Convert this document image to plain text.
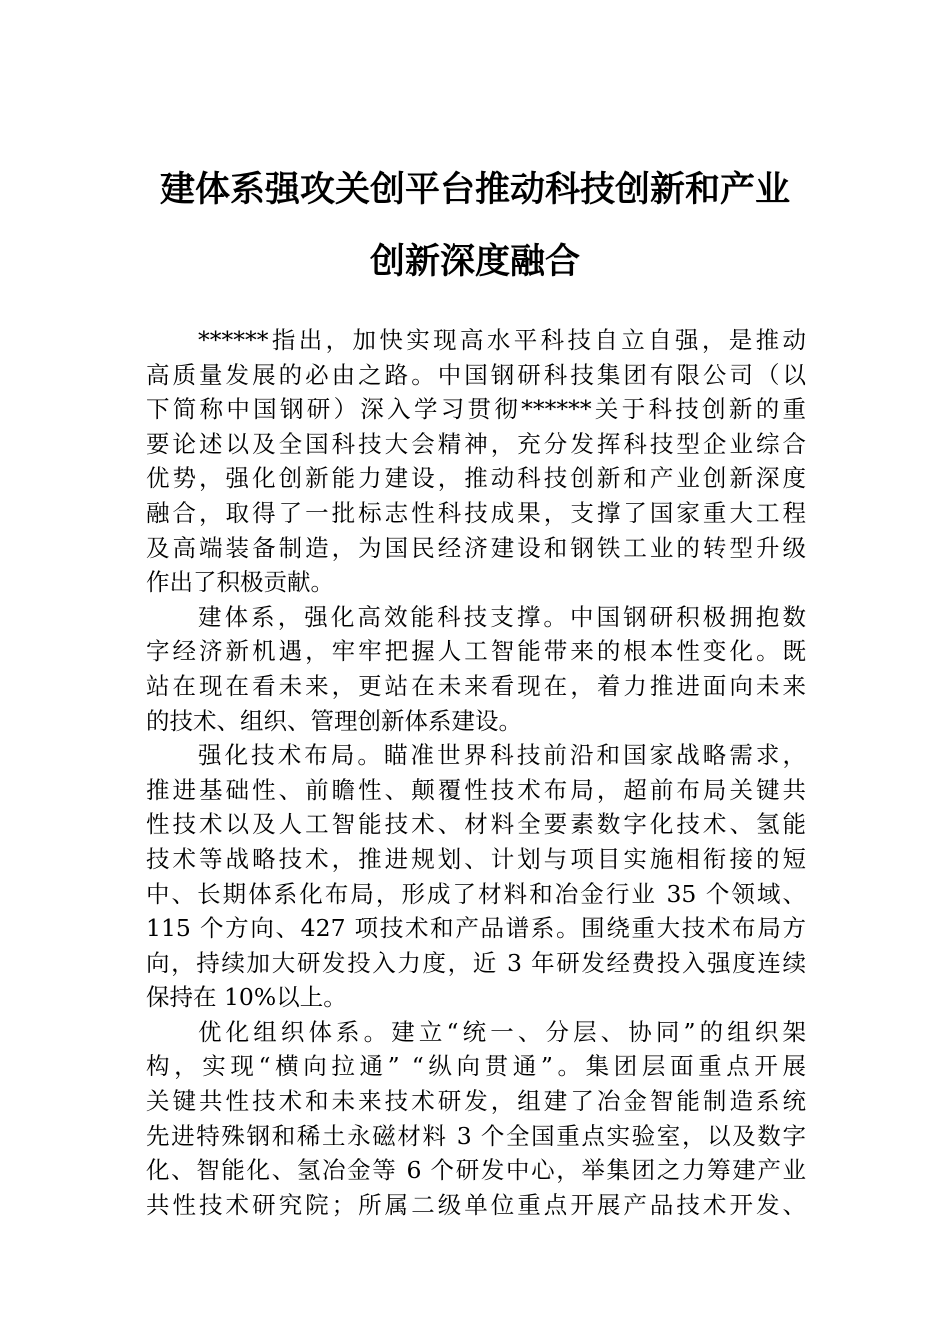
建体系强攻关创平台推动科技创新和产业
创新深度融合
******指出，加快实现高水平科技自立自强，是推动
高质量发展的必由之路。中国钢研科技集团有限公司（以
下简称中国钢研）深入学习贯彻******关于科技创新的重
要论述以及全国科技大会精神，充分发挥科技型企业综合
优势，强化创新能力建设，推动科技创新和产业创新深度
融合，取得了一批标志性科技成果，支撑了国家重大工程
及高端装备制造，为国民经济建设和钢铁工业的转型升级
作出了积极贡献。
建体系，强化高效能科技支撑。中国钢研积极拥抱数
字经济新机遇，牢牢把握人工智能带来的根本性变化。既
站在现在看未来，更站在未来看现在，着力推进面向未来
的技术、组织、管理创新体系建设。
强化技术布局。瞄准世界科技前沿和国家战略需求，
推进基础性、前瞻性、颠覆性技术布局，超前布局关键共
性技术以及人工智能技术、材料全要素数字化技术、氢能
技术等战略技术，推进规划、计划与项目实施相衔接的短
中、长期体系化布局，形成了材料和冶金行业 35 个领域、
115 个方向、427 项技术和产品谱系。围绕重大技术布局方
向，持续加大研发投入力度，近 3 年研发经费投入强度连续
保持在 10%以上。
优化组织体系。建立“统一、分层、协同”的组织架
构，实现“横向拉通” “纵向贯通”。集团层面重点开展
关键共性技术和未来技术研发，组建了冶金智能制造系统
先进特殊钢和稀土永磁材料 3 个全国重点实验室，以及数字
化、智能化、氢冶金等 6 个研发中心，举集团之力筹建产业
共性技术研究院；所属二级单位重点开展产品技术开发、
